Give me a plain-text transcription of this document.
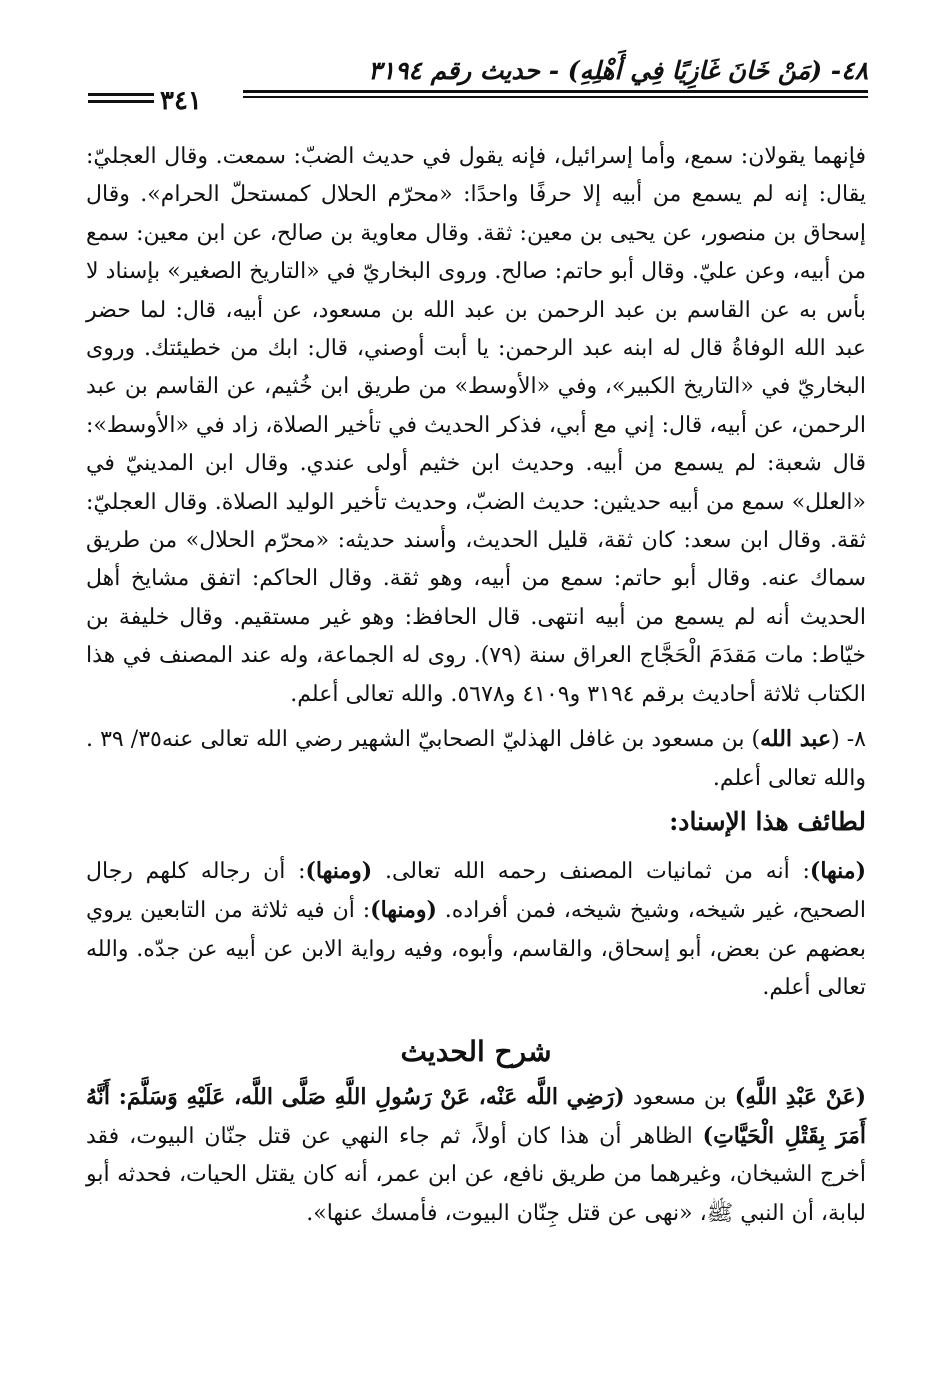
٤٨- (مَنْ خَانَ غَازِيًا فِي أَهْلِهِ) - حديث رقم ٣١٩٤
٣٤١

فإنهما يقولان: سمع، وأما إسرائيل، فإنه يقول في حديث الضبّ: سمعت. وقال العجليّ: يقال: إنه لم يسمع من أبيه إلا حرفًا واحدًا: «محرّم الحلال كمستحلّ الحرام». وقال إسحاق بن منصور، عن يحيى بن معين: ثقة. وقال معاوية بن صالح، عن ابن معين: سمع من أبيه، وعن عليّ. وقال أبو حاتم: صالح. وروى البخاريّ في «التاريخ الصغير» بإسناد لا بأس به عن القاسم بن عبد الرحمن بن عبد الله بن مسعود، عن أبيه، قال: لما حضر عبد الله الوفاةُ قال له ابنه عبد الرحمن: يا أبت أوصني، قال: ابك من خطيئتك. وروى البخاريّ في «التاريخ الكبير»، وفي «الأوسط» من طريق ابن خُثيم، عن القاسم بن عبد الرحمن، عن أبيه، قال: إني مع أبي، فذكر الحديث في تأخير الصلاة، زاد في «الأوسط»: قال شعبة: لم يسمع من أبيه. وحديث ابن خثيم أولى عندي. وقال ابن المدينيّ في «العلل» سمع من أبيه حديثين: حديث الضبّ، وحديث تأخير الوليد الصلاة. وقال العجليّ: ثقة. وقال ابن سعد: كان ثقة، قليل الحديث، وأسند حديثه: «محرّم الحلال» من طريق سماك عنه. وقال أبو حاتم: سمع من أبيه، وهو ثقة. وقال الحاكم: اتفق مشايخ أهل الحديث أنه لم يسمع من أبيه انتهى. قال الحافظ: وهو غير مستقيم. وقال خليفة بن خيّاط: مات مَقدَمَ الْحَجَّاج العراق سنة (٧٩). روى له الجماعة، وله عند المصنف في هذا الكتاب ثلاثة أحاديث برقم ٣١٩٤ و٤١٠٩ و٥٦٧٨. والله تعالى أعلم.

٨- (عبد الله) بن مسعود بن غافل الهذليّ الصحابيّ الشهير رضي الله تعالى عنه٣٥/ ٣٩ . والله تعالى أعلم.

لطائف هذا الإسناد:

(منها): أنه من ثمانيات المصنف رحمه الله تعالى. (ومنها): أن رجاله كلهم رجال الصحيح، غير شيخه، وشيخ شيخه، فمن أفراده. (ومنها): أن فيه ثلاثة من التابعين يروي بعضهم عن بعض، أبو إسحاق، والقاسم، وأبوه، وفيه رواية الابن عن أبيه عن جدّه. والله تعالى أعلم.

شرح الحديث

(عَنْ عَبْدِ اللَّهِ) بن مسعود (رَضِي اللَّه عَنْه، عَنْ رَسُولِ اللَّهِ صَلَّى اللَّه، عَلَيْهِ وَسَلَّمَ: أَنَّهُ أَمَرَ بِقَتْلِ الْحَيَّاتِ) الظاهر أن هذا كان أولاً، ثم جاء النهي عن قتل جنّان البيوت، فقد أخرج الشيخان، وغيرهما من طريق نافع، عن ابن عمر، أنه كان يقتل الحيات، فحدثه أبو لبابة، أن النبي ﷺ، «نهى عن قتل جِنّان البيوت، فأمسك عنها».
